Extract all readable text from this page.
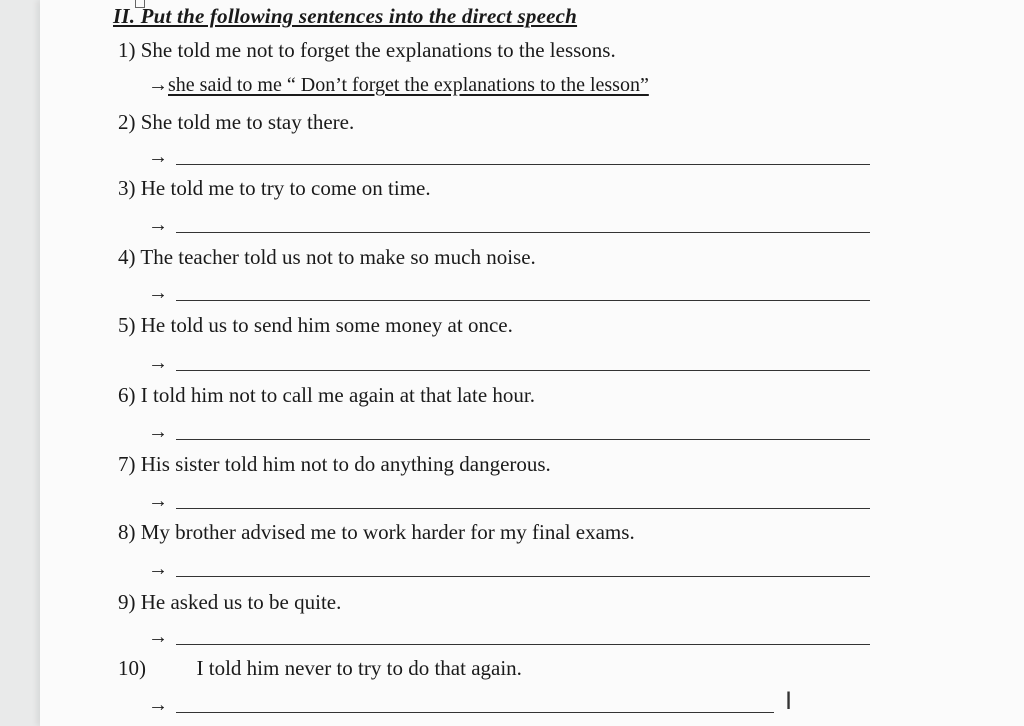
II. Put the following sentences into the direct speech
1) She told me not to forget the explanations to the lessons.
→she said to me “ Don’t forget the explanations to the lesson”
2) She told me to stay there.
→
3) He told me to try to come on time.
→
4) The teacher told us not to make so much noise.
→
5) He told us to send him some money at once.
→
6) I told him not to call me again at that late hour.
→
7) His sister told him not to do anything dangerous.
→
8) My brother advised me to work harder for my final exams.
→
9) He asked us to be quite.
→
10) I told him never to try to do that again.
→	I
